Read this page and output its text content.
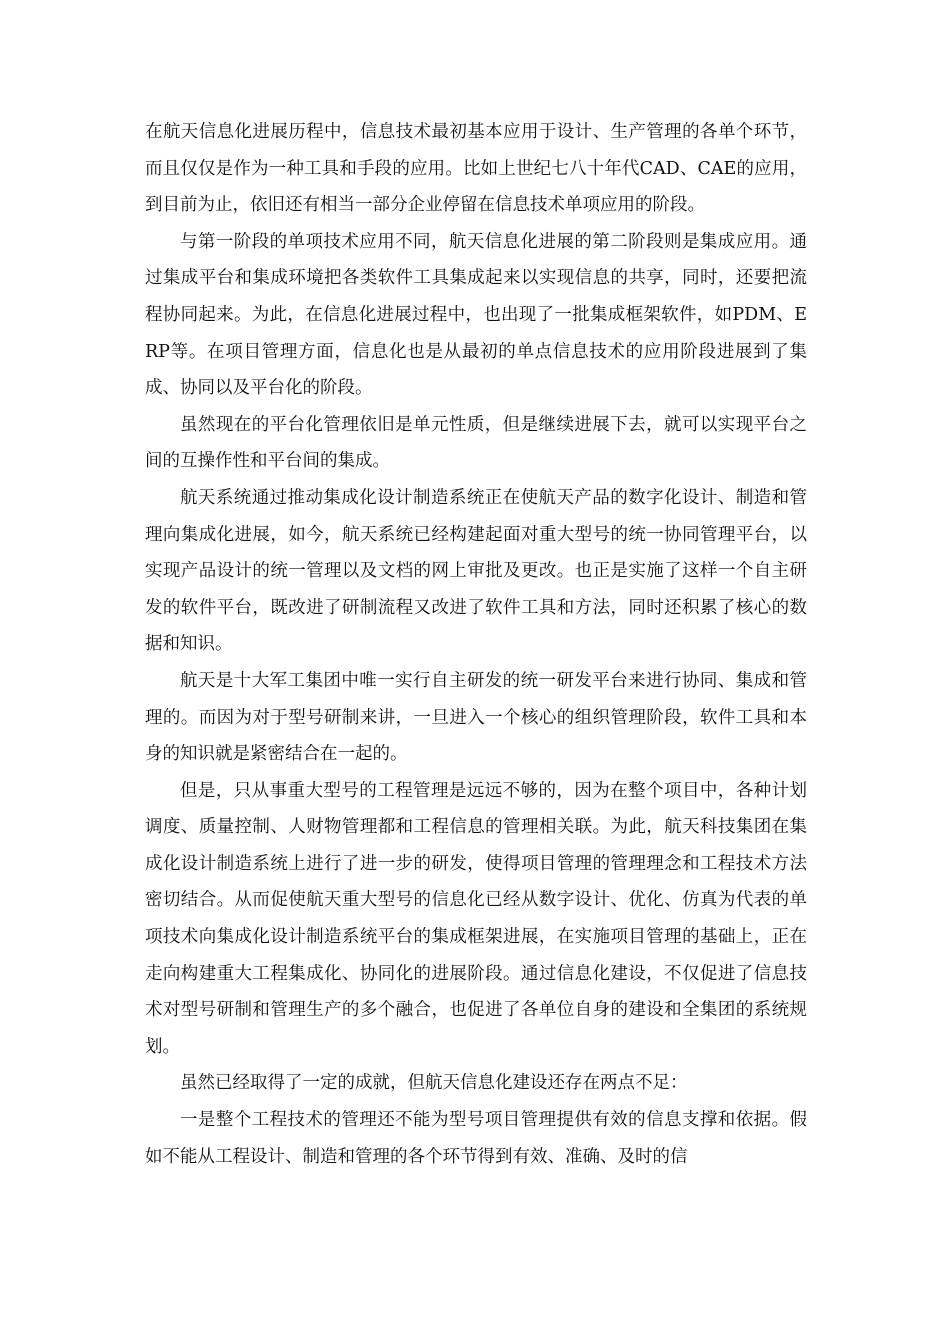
在航天信息化进展历程中，信息技术最初基本应用于设计、生产管理的各单个环节，而且仅仅是作为一种工具和手段的应用。比如上世纪七八十年代CAD、CAE的应用，到目前为止，依旧还有相当一部分企业停留在信息技术单项应用的阶段。

与第一阶段的单项技术应用不同，航天信息化进展的第二阶段则是集成应用。通过集成平台和集成环境把各类软件工具集成起来以实现信息的共享，同时，还要把流程协同起来。为此，在信息化进展过程中，也出现了一批集成框架软件，如PDM、ERP等。在项目管理方面，信息化也是从最初的单点信息技术的应用阶段进展到了集成、协同以及平台化的阶段。

虽然现在的平台化管理依旧是单元性质，但是继续进展下去，就可以实现平台之间的互操作性和平台间的集成。

航天系统通过推动集成化设计制造系统正在使航天产品的数字化设计、制造和管理向集成化进展，如今，航天系统已经构建起面对重大型号的统一协同管理平台，以实现产品设计的统一管理以及文档的网上审批及更改。也正是实施了这样一个自主研发的软件平台，既改进了研制流程又改进了软件工具和方法，同时还积累了核心的数据和知识。

航天是十大军工集团中唯一实行自主研发的统一研发平台来进行协同、集成和管理的。而因为对于型号研制来讲，一旦进入一个核心的组织管理阶段，软件工具和本身的知识就是紧密结合在一起的。

但是，只从事重大型号的工程管理是远远不够的，因为在整个项目中，各种计划调度、质量控制、人财物管理都和工程信息的管理相关联。为此，航天科技集团在集成化设计制造系统上进行了进一步的研发，使得项目管理的管理理念和工程技术方法密切结合。从而促使航天重大型号的信息化已经从数字设计、优化、仿真为代表的单项技术向集成化设计制造系统平台的集成框架进展，在实施项目管理的基础上，正在走向构建重大工程集成化、协同化的进展阶段。通过信息化建设，不仅促进了信息技术对型号研制和管理生产的多个融合，也促进了各单位自身的建设和全集团的系统规划。

虽然已经取得了一定的成就，但航天信息化建设还存在两点不足：

一是整个工程技术的管理还不能为型号项目管理提供有效的信息支撑和依据。假如不能从工程设计、制造和管理的各个环节得到有效、准确、及时的信
